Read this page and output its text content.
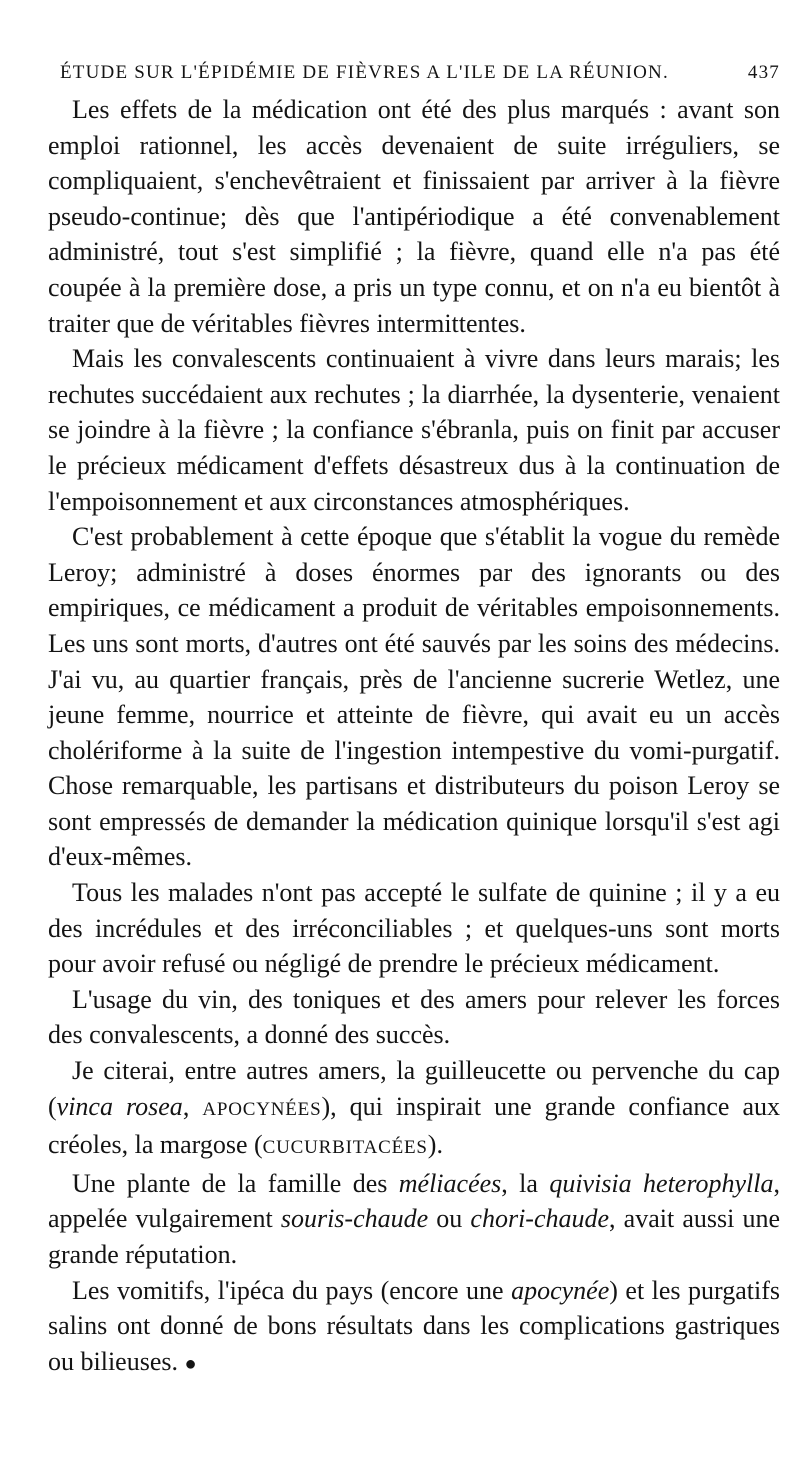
ÉTUDE SUR L'ÉPIDÉMIE DE FIÈVRES A L'ILE DE LA RÉUNION.	437

Les effets de la médication ont été des plus marqués : avant son emploi rationnel, les accès devenaient de suite irréguliers, se compliquaient, s'enchevêtraient et finissaient par arriver à la fièvre pseudo-continue; dès que l'antipériodique a été convenablement administré, tout s'est simplifié ; la fièvre, quand elle n'a pas été coupée à la première dose, a pris un type connu, et on n'a eu bientôt à traiter que de véritables fièvres intermittentes.

Mais les convalescents continuaient à vivre dans leurs marais; les rechutes succédaient aux rechutes ; la diarrhée, la dysenterie, venaient se joindre à la fièvre ; la confiance s'ébranla, puis on finit par accuser le précieux médicament d'effets désastreux dus à la continuation de l'empoisonnement et aux circonstances atmosphériques.

C'est probablement à cette époque que s'établit la vogue du remède Leroy; administré à doses énormes par des ignorants ou des empiriques, ce médicament a produit de véritables empoisonnements. Les uns sont morts, d'autres ont été sauvés par les soins des médecins. J'ai vu, au quartier français, près de l'ancienne sucrerie Wetlez, une jeune femme, nourrice et atteinte de fièvre, qui avait eu un accès cholériforme à la suite de l'ingestion intempestive du vomi-purgatif. Chose remarquable, les partisans et distributeurs du poison Leroy se sont empressés de demander la médication quinique lorsqu'il s'est agi d'eux-mêmes.

Tous les malades n'ont pas accepté le sulfate de quinine ; il y a eu des incrédules et des irréconciliables ; et quelques-uns sont morts pour avoir refusé ou négligé de prendre le précieux médicament.

L'usage du vin, des toniques et des amers pour relever les forces des convalescents, a donné des succès.

Je citerai, entre autres amers, la guilleucette ou pervenche du cap (vinca rosea, APOCYNÉES), qui inspirait une grande confiance aux créoles, la margose (CUCURBITACÉES).

Une plante de la famille des méliacées, la quivisia heterophylla, appelée vulgairement souris-chaude ou chori-chaude, avait aussi une grande réputation.

Les vomitifs, l'ipéca du pays (encore une apocynée) et les purgatifs salins ont donné de bons résultats dans les complications gastriques ou bilieuses. ●
